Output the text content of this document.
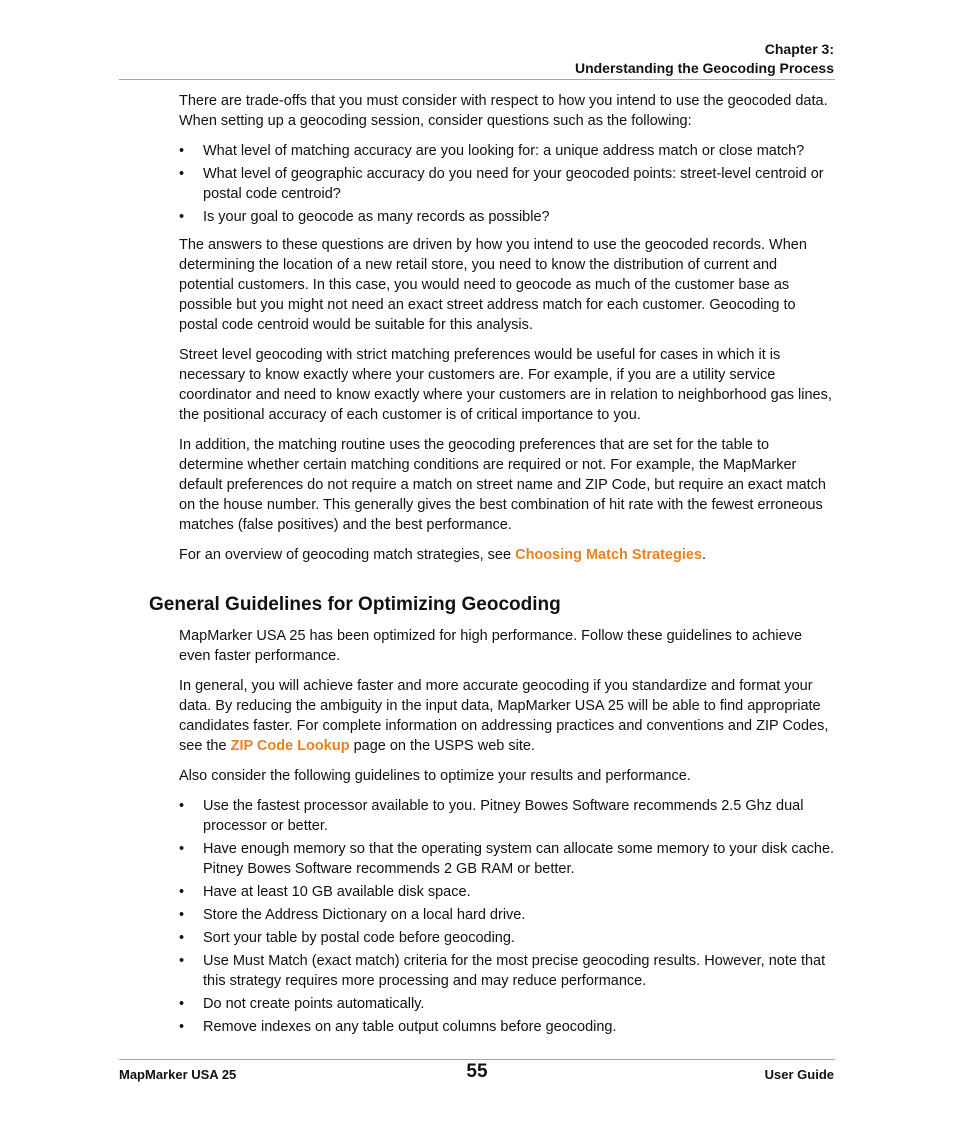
Chapter 3:
Understanding the Geocoding Process

There are trade-offs that you must consider with respect to how you intend to use the geocoded data. When setting up a geocoding session, consider questions such as the following:

• What level of matching accuracy are you looking for: a unique address match or close match?
• What level of geographic accuracy do you need for your geocoded points: street-level centroid or postal code centroid?
• Is your goal to geocode as many records as possible?

The answers to these questions are driven by how you intend to use the geocoded records. When determining the location of a new retail store, you need to know the distribution of current and potential customers. In this case, you would need to geocode as much of the customer base as possible but you might not need an exact street address match for each customer. Geocoding to postal code centroid would be suitable for this analysis.

Street level geocoding with strict matching preferences would be useful for cases in which it is necessary to know exactly where your customers are. For example, if you are a utility service coordinator and need to know exactly where your customers are in relation to neighborhood gas lines, the positional accuracy of each customer is of critical importance to you.

In addition, the matching routine uses the geocoding preferences that are set for the table to determine whether certain matching conditions are required or not. For example, the MapMarker default preferences do not require a match on street name and ZIP Code, but require an exact match on the house number. This generally gives the best combination of hit rate with the fewest erroneous matches (false positives) and the best performance.

For an overview of geocoding match strategies, see Choosing Match Strategies.

General Guidelines for Optimizing Geocoding

MapMarker USA 25 has been optimized for high performance. Follow these guidelines to achieve even faster performance.

In general, you will achieve faster and more accurate geocoding if you standardize and format your data. By reducing the ambiguity in the input data, MapMarker USA 25 will be able to find appropriate candidates faster. For complete information on addressing practices and conventions and ZIP Codes, see the ZIP Code Lookup page on the USPS web site.

Also consider the following guidelines to optimize your results and performance.

• Use the fastest processor available to you. Pitney Bowes Software recommends 2.5 Ghz dual processor or better.
• Have enough memory so that the operating system can allocate some memory to your disk cache. Pitney Bowes Software recommends 2 GB RAM or better.
• Have at least 10 GB available disk space.
• Store the Address Dictionary on a local hard drive.
• Sort your table by postal code before geocoding.
• Use Must Match (exact match) criteria for the most precise geocoding results. However, note that this strategy requires more processing and may reduce performance.
• Do not create points automatically.
• Remove indexes on any table output columns before geocoding.
MapMarker USA 25	55	User Guide
